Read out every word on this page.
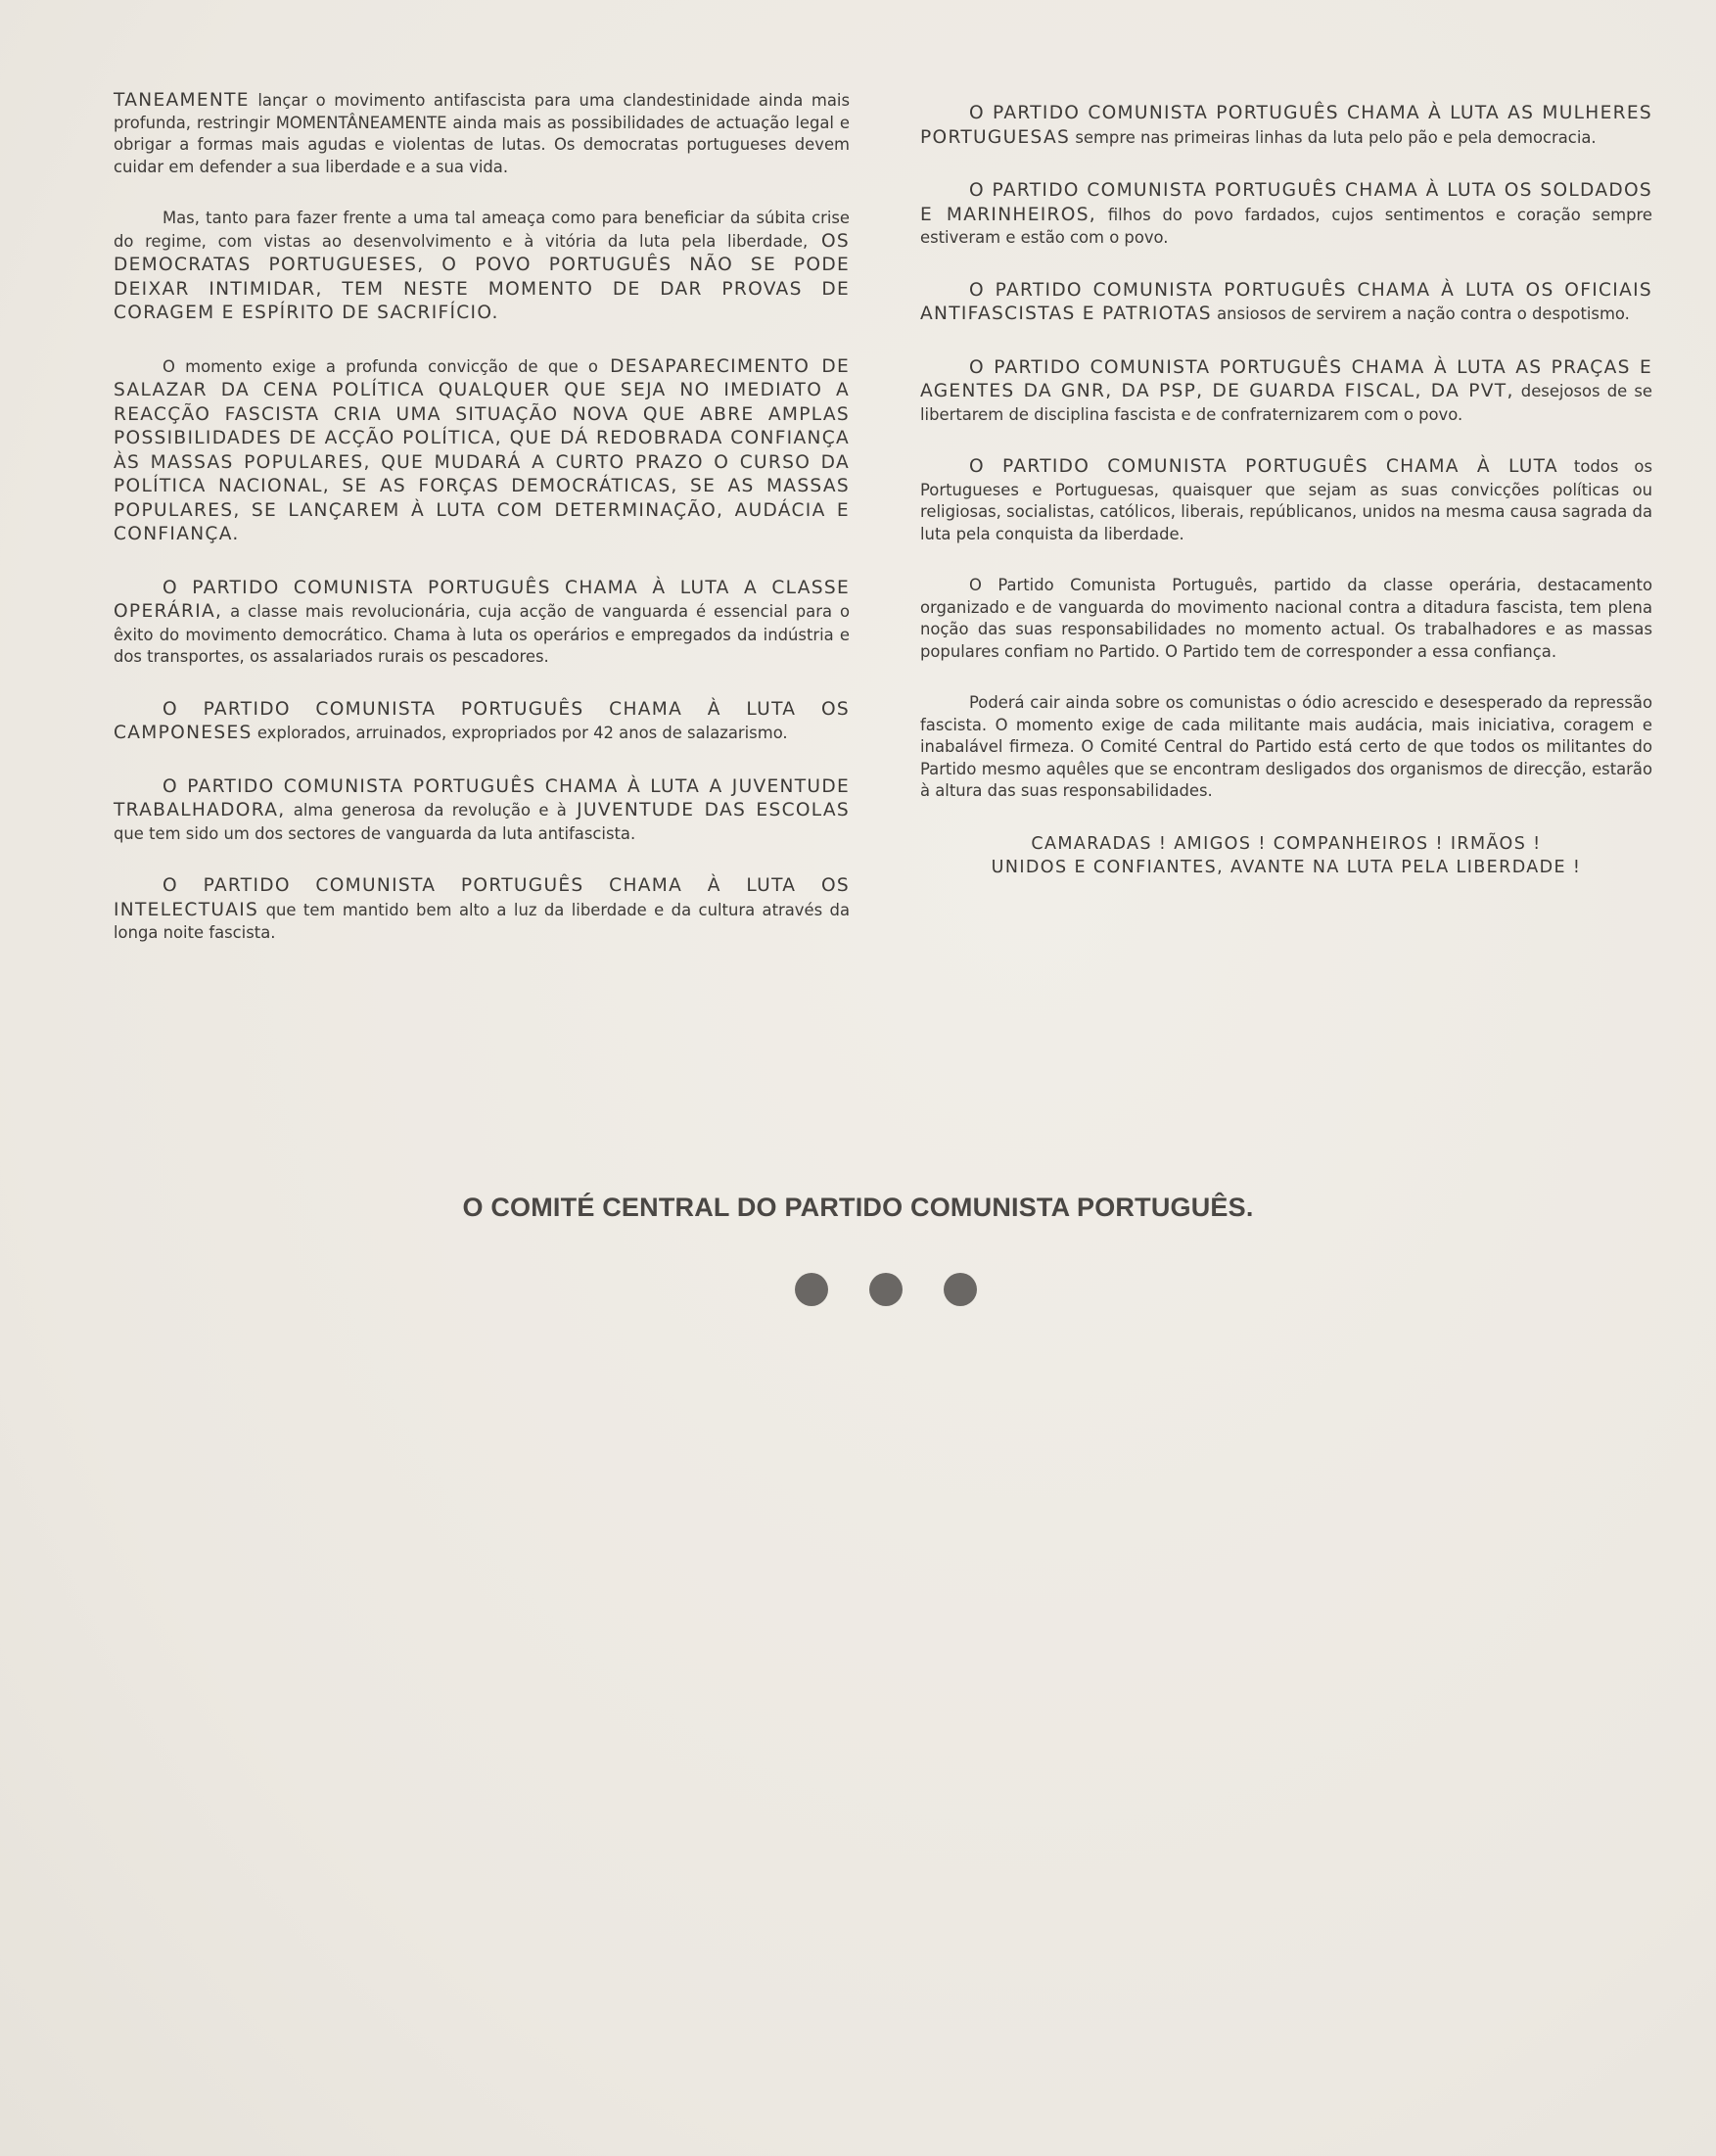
TANEAMENTE lançar o movimento antifascista para uma clandestinidade ainda mais profunda, restringir MOMENTÂNEAMENTE ainda mais as possibilidades de actuação legal e obrigar a formas mais agudas e violentas de lutas. Os democratas portugueses devem cuidar em defender a sua liberdade e a sua vida.

Mas, tanto para fazer frente a uma tal ameaça como para beneficiar da súbita crise do regime, com vistas ao desenvolvimento e à vitória da luta pela liberdade, OS DEMOCRATAS PORTUGUESES, O POVO PORTUGUÊS NÃO SE PODE DEIXAR INTIMIDAR, TEM NESTE MOMENTO DE DAR PROVAS DE CORAGEM E ESPÍRITO DE SACRIFÍCIO.

O momento exige a profunda convicção de que o DESAPARECIMENTO DE SALAZAR DA CENA POLÍTICA QUALQUER QUE SEJA NO IMEDIATO A REACÇÃO FASCISTA CRIA UMA SITUAÇÃO NOVA QUE ABRE AMPLAS POSSIBILIDADES DE ACÇÃO POLÍTICA, QUE DÁ REDOBRADA CONFIANÇA ÀS MASSAS POPULARES, QUE MUDARÁ A CURTO PRAZO O CURSO DA POLÍTICA NACIONAL, SE AS FORÇAS DEMOCRÁTICAS, SE AS MASSAS POPULARES, SE LANÇAREM À LUTA COM DETERMINAÇÃO, AUDÁCIA E CONFIANÇA.

O PARTIDO COMUNISTA PORTUGUÊS CHAMA À LUTA A CLASSE OPERÁRIA, a classe mais revolucionária, cuja acção de vanguarda é essencial para o êxito do movimento democrático. Chama à luta os operários e empregados da indústria e dos transportes, os assalariados rurais os pescadores.

O PARTIDO COMUNISTA PORTUGUÊS CHAMA À LUTA OS CAMPONESES explorados, arruinados, expropriados por 42 anos de salazarismo.

O PARTIDO COMUNISTA PORTUGUÊS CHAMA À LUTA A JUVENTUDE TRABALHADORA, alma generosa da revolução e à JUVENTUDE DAS ESCOLAS que tem sido um dos sectores de vanguarda da luta antifascista.

O PARTIDO COMUNISTA PORTUGUÊS CHAMA À LUTA OS INTELECTUAIS que tem mantido bem alto a luz da liberdade e da cultura através da longa noite fascista.

O PARTIDO COMUNISTA PORTUGUÊS CHAMA À LUTA AS MULHERES PORTUGUESAS sempre nas primeiras linhas da luta pelo pão e pela democracia.

O PARTIDO COMUNISTA PORTUGUÊS CHAMA À LUTA OS SOLDADOS E MARINHEIROS, filhos do povo fardados, cujos sentimentos e coração sempre estiveram e estão com o povo.

O PARTIDO COMUNISTA PORTUGUÊS CHAMA À LUTA OS OFICIAIS ANTIFASCISTAS E PATRIOTAS ansiosos de servirem a nação contra o despotismo.

O PARTIDO COMUNISTA PORTUGUÊS CHAMA À LUTA AS PRAÇAS E AGENTES DA GNR, DA PSP, DE GUARDA FISCAL, DA PVT, desejosos de se libertarem de disciplina fascista e de confraternizarem com o povo.

O PARTIDO COMUNISTA PORTUGUÊS CHAMA À LUTA todos os Portugueses e Portuguesas, quaisquer que sejam as suas convicções políticas ou religiosas, socialistas, católicos, liberais, repúblicanos, unidos na mesma causa sagrada da luta pela conquista da liberdade.

O Partido Comunista Português, partido da classe operária, destacamento organizado e de vanguarda do movimento nacional contra a ditadura fascista, tem plena noção das suas responsabilidades no momento actual. Os trabalhadores e as massas populares confiam no Partido. O Partido tem de corresponder a essa confiança.

Poderá cair ainda sobre os comunistas o ódio acrescido e desesperado da repressão fascista. O momento exige de cada militante mais audácia, mais iniciativa, coragem e inabalável firmeza. O Comité Central do Partido está certo de que todos os militantes do Partido mesmo aquêles que se encontram desligados dos organismos de direcção, estarão à altura das suas responsabilidades.

CAMARADAS ! AMIGOS ! COMPANHEIROS ! IRMÃOS !
UNIDOS E CONFIANTES, AVANTE NA LUTA PELA LIBERDADE !
O COMITÉ CENTRAL DO PARTIDO COMUNISTA PORTUGUÊS.
